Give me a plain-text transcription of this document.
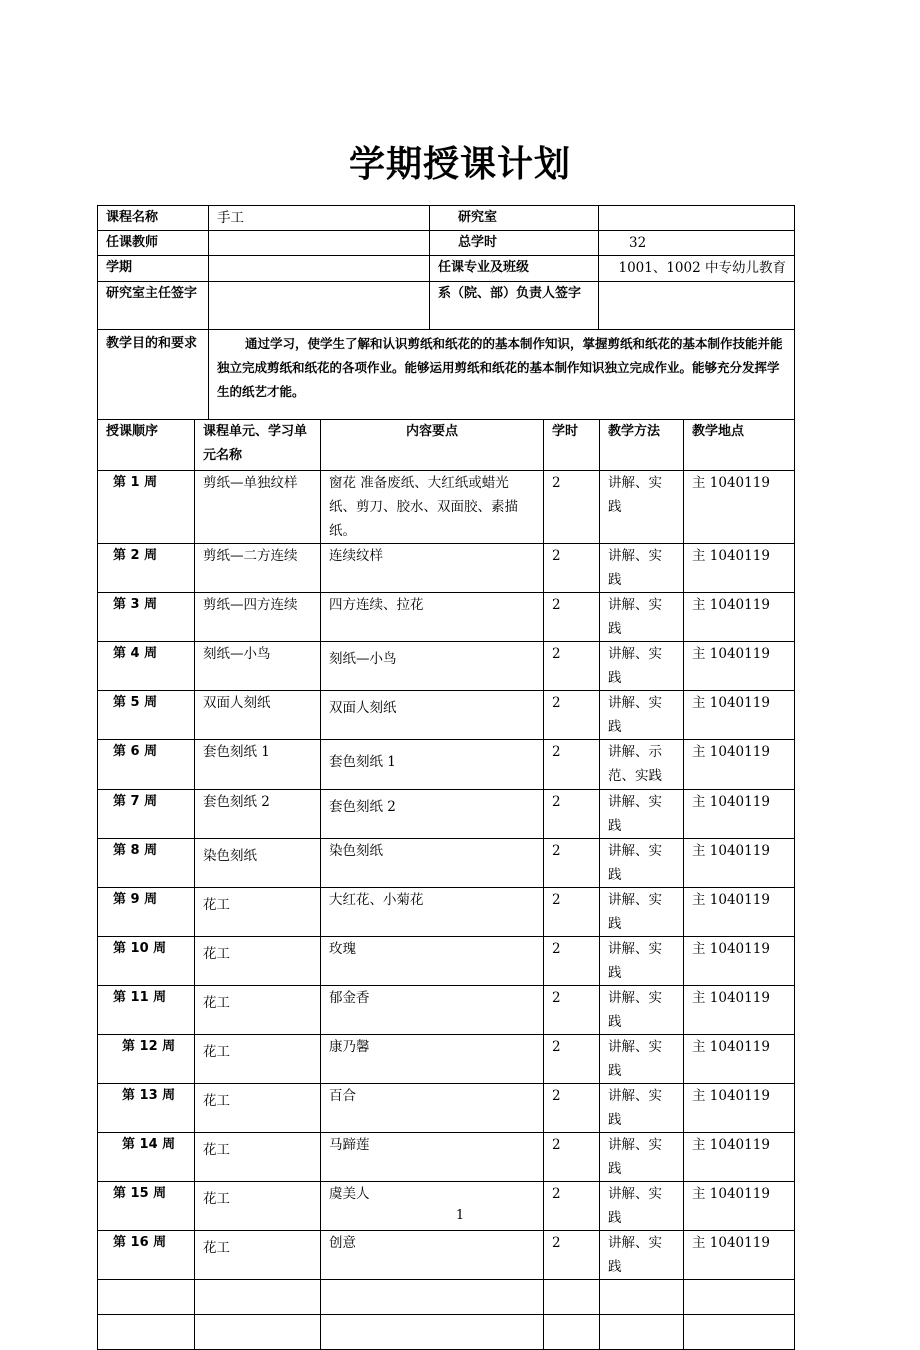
学期授课计划
课程名称	手工	研究室	
任课教师		总学时	32
学期		任课专业及班级	1001、1002 中专幼儿教育
研究室主任签字		系（院、部）负责人签字	
教学目的和要求	通过学习，使学生了解和认识剪纸和纸花的的基本制作知识，掌握剪纸和纸花的基本制作技能并能独立完成剪纸和纸花的各项作业。能够运用剪纸和纸花的基本制作知识独立完成作业。能够充分发挥学生的纸艺才能。		
授课顺序	课程单元、学习单元名称	内容要点	学时	教学方法	教学地点
第 1 周	剪纸—单独纹样	窗花 准备废纸、大红纸或蜡光纸、剪刀、胶水、双面胶、素描纸。	2	讲解、实践	主 1040119
第 2 周	剪纸—二方连续	连续纹样	2	讲解、实践	主 1040119
第 3 周	剪纸—四方连续	四方连续、拉花	2	讲解、实践	主 1040119
第 4 周	刻纸—小鸟	刻纸—小鸟	2	讲解、实践	主 1040119
第 5 周	双面人刻纸	双面人刻纸	2	讲解、实践	主 1040119
第 6 周	套色刻纸 1	套色刻纸 1	2	讲解、示范、实践	主 1040119
第 7 周	套色刻纸 2	套色刻纸 2	2	讲解、实践	主 1040119
第 8 周	染色刻纸	染色刻纸	2	讲解、实践	主 1040119
第 9 周	花工	大红花、小菊花	2	讲解、实践	主 1040119
第 10 周	花工	玫瑰	2	讲解、实践	主 1040119
第 11 周	花工	郁金香	2	讲解、实践	主 1040119
第 12 周	花工	康乃馨	2	讲解、实践	主 1040119
第 13 周	花工	百合	2	讲解、实践	主 1040119
第 14 周	花工	马蹄莲	2	讲解、实践	主 1040119
第 15 周	花工	虞美人	2	讲解、实践	主 1040119
第 16 周	花工	创意	2	讲解、实践	主 1040119

1
